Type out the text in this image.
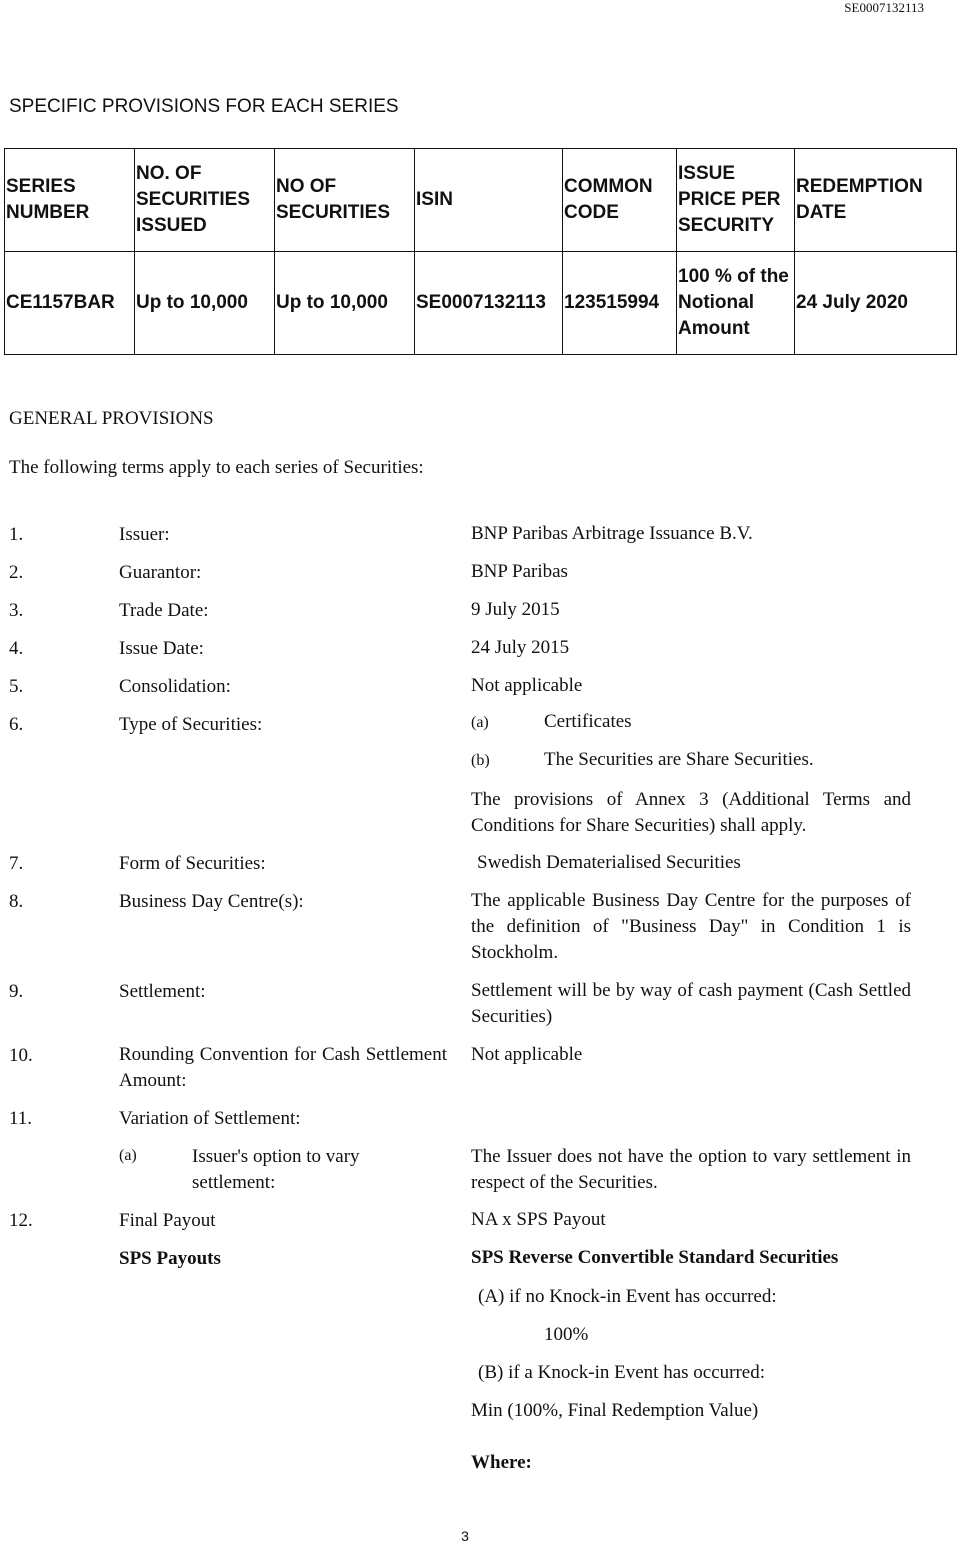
SE0007132113
SPECIFIC PROVISIONS FOR EACH SERIES
SERIES NUMBER	NO. OF SECURITIES ISSUED	NO OF SECURITIES	ISIN	COMMON CODE	ISSUE PRICE PER SECURITY	REDEMPTION DATE
CE1157BAR	Up to 10,000	Up to 10,000	SE0007132113	123515994	100 % of the Notional Amount	24 July 2020
GENERAL PROVISIONS
The following terms apply to each series of Securities:
1.	Issuer:	BNP Paribas Arbitrage Issuance B.V.
2.	Guarantor:	BNP Paribas
3.	Trade Date:	9 July 2015
4.	Issue Date:	24 July 2015
5.	Consolidation:	Not applicable
6.	Type of Securities:	(a)	Certificates
(b)	The Securities are Share Securities.
The provisions of Annex 3 (Additional Terms and Conditions for Share Securities) shall apply.
7.	Form of Securities:	Swedish Dematerialised Securities
8.	Business Day Centre(s):	The applicable Business Day Centre for the purposes of the definition of "Business Day" in Condition 1 is Stockholm.
9.	Settlement:	Settlement will be by way of cash payment (Cash Settled Securities)
10.	Rounding Convention for Cash Settlement Amount:
Not applicable
11.	Variation of Settlement:
(a)	Issuer's option to vary settlement:
The Issuer does not have the option to vary settlement in respect of the Securities.
12.	Final Payout	NA x SPS Payout
SPS Payouts	SPS Reverse Convertible Standard Securities
(A) if no Knock-in Event has occurred:
100%
(B) if a Knock-in Event has occurred:
Min (100%, Final Redemption Value)
Where:
3
